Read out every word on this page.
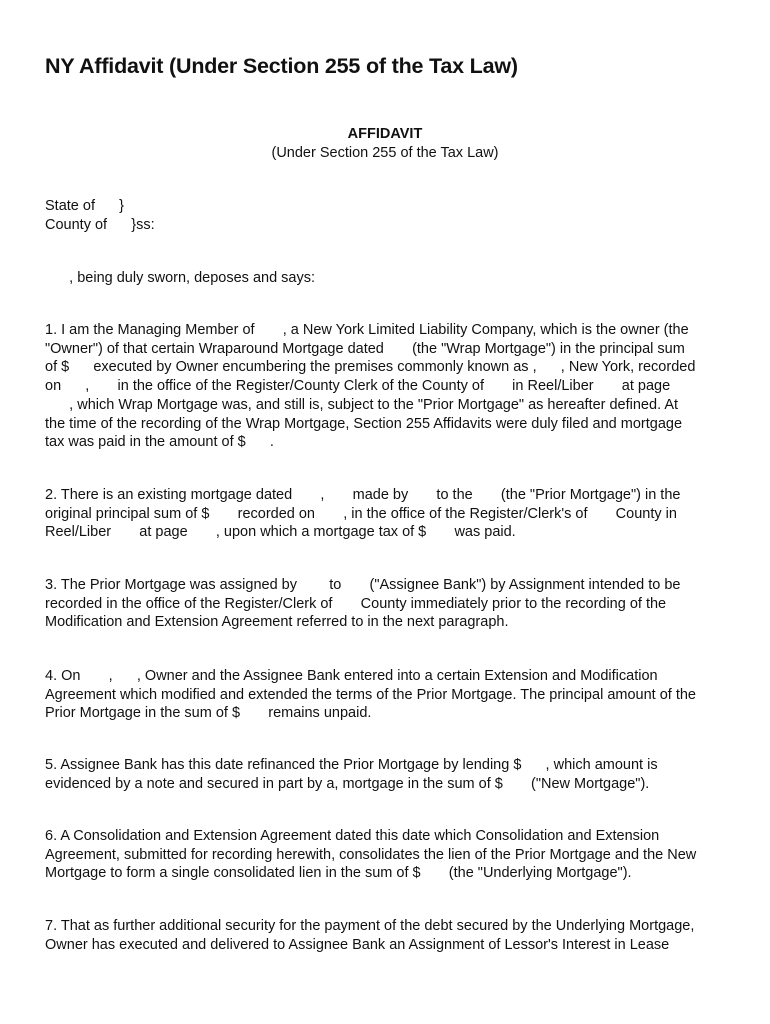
NY Affidavit (Under Section 255 of the Tax Law)
AFFIDAVIT
(Under Section 255 of the Tax Law)
State of      }
County of      }ss:

, being duly sworn, deposes and says:

1. I am the Managing Member of       , a New York Limited Liability Company, which is the owner (the
"Owner") of that certain Wraparound Mortgage dated       (the "Wrap Mortgage") in the principal sum
of $      executed by Owner encumbering the premises commonly known as ,      , New York, recorded
on      ,       in the office of the Register/County Clerk of the County of       in Reel/Liber       at page
, which Wrap Mortgage was, and still is, subject to the "Prior Mortgage" as hereafter defined. At
the time of the recording of the Wrap Mortgage, Section 255 Affidavits were duly filed and mortgage
tax was paid in the amount of $      .

2. There is an existing mortgage dated       ,       made by       to the       (the "Prior Mortgage") in the
original principal sum of $       recorded on       , in the office of the Register/Clerk's of       County in
Reel/Liber       at page       , upon which a mortgage tax of $       was paid.

3. The Prior Mortgage was assigned by        to       ("Assignee Bank") by Assignment intended to be
recorded in the office of the Register/Clerk of       County immediately prior to the recording of the
Modification and Extension Agreement referred to in the next paragraph.

4. On       ,      , Owner and the Assignee Bank entered into a certain Extension and Modification
Agreement which modified and extended the terms of the Prior Mortgage. The principal amount of the
Prior Mortgage in the sum of $       remains unpaid.

5. Assignee Bank has this date refinanced the Prior Mortgage by lending $      , which amount is
evidenced by a note and secured in part by a, mortgage in the sum of $       ("New Mortgage").

6. A Consolidation and Extension Agreement dated this date which Consolidation and Extension
Agreement, submitted for recording herewith, consolidates the lien of the Prior Mortgage and the New
Mortgage to form a single consolidated lien in the sum of $       (the "Underlying Mortgage").

7. That as further additional security for the payment of the debt secured by the Underlying Mortgage,
Owner has executed and delivered to Assignee Bank an Assignment of Lessor's Interest in Lease
